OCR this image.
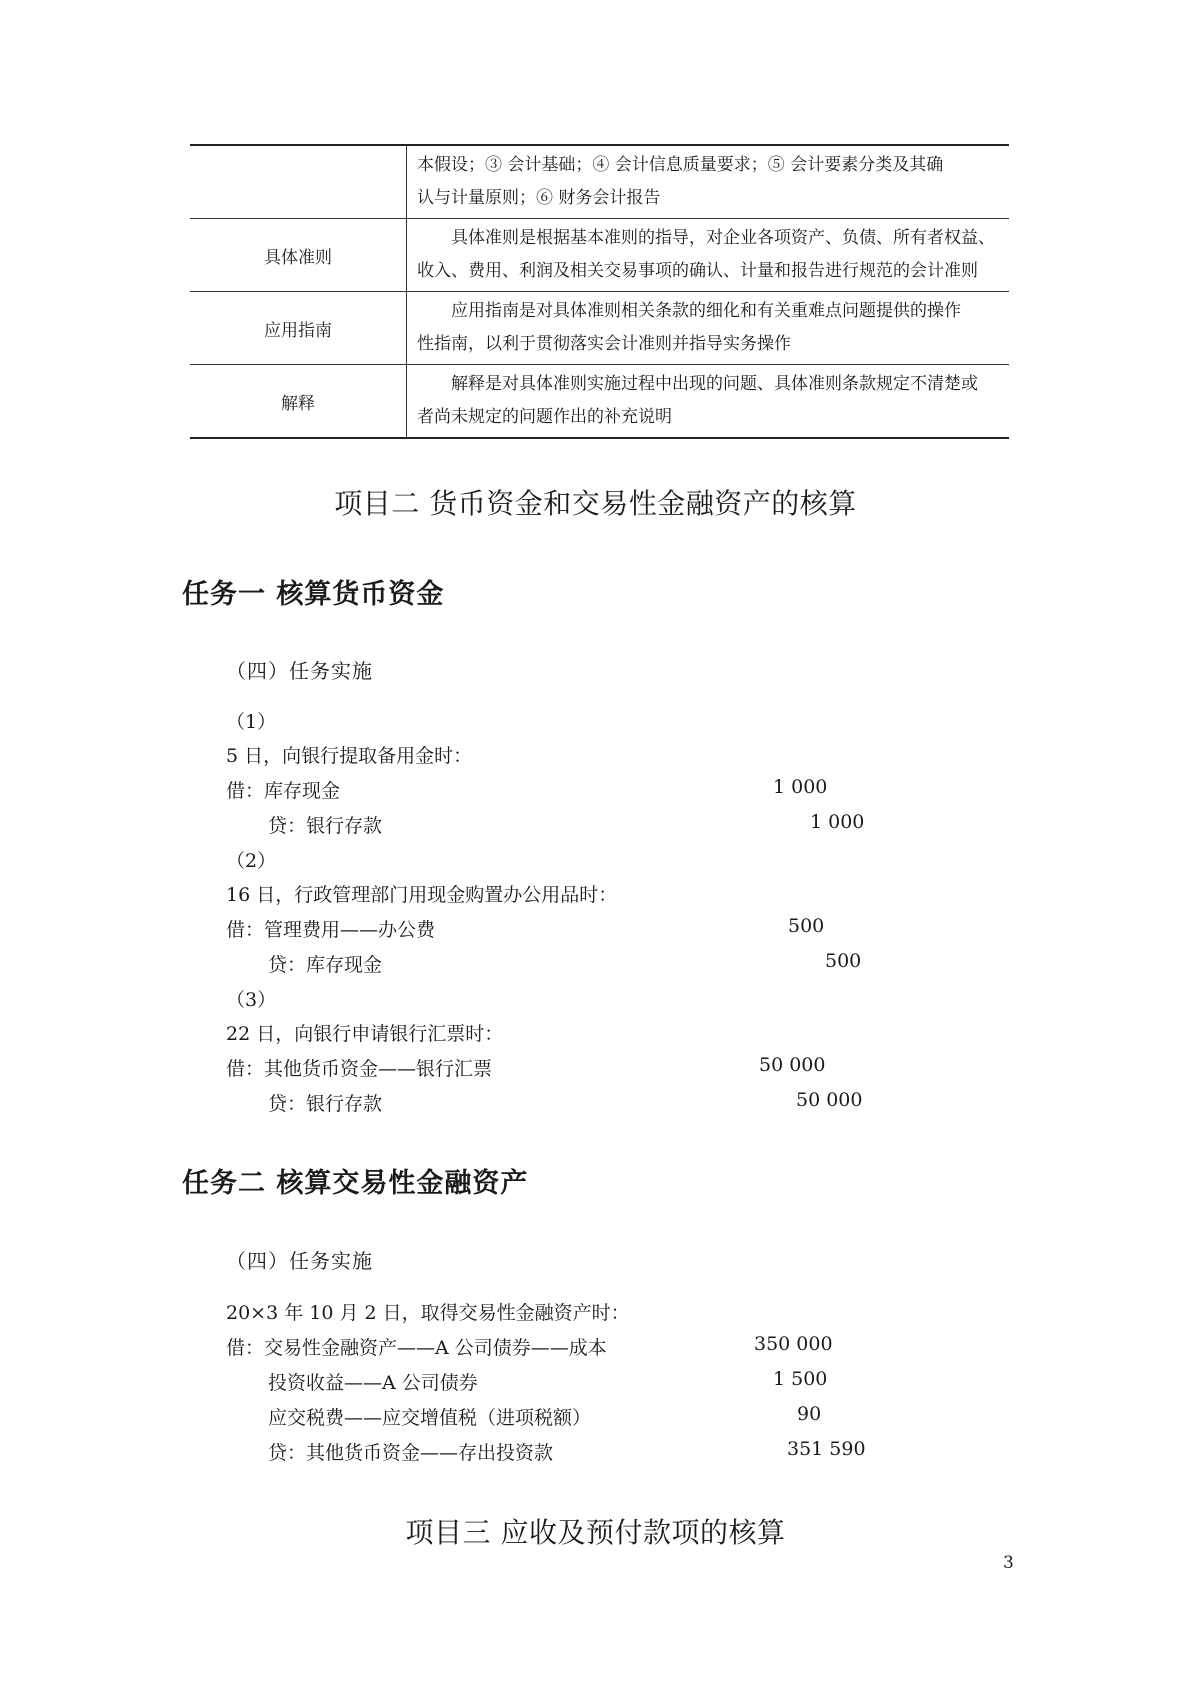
	本假设；③ 会计基础；④ 会计信息质量要求；⑤ 会计要素分类及其确
认与计量原则；⑥ 财务会计报告

具体准则	具体准则是根据基本准则的指导，对企业各项资产、负债、所有者权益、
收入、费用、利润及相关交易事项的确认、计量和报告进行规范的会计准则

应用指南	应用指南是对具体准则相关条款的细化和有关重难点问题提供的操作
性指南，以利于贯彻落实会计准则并指导实务操作

解释	解释是对具体准则实施过程中出现的问题、具体准则条款规定不清楚或
者尚未规定的问题作出的补充说明
项目二 货币资金和交易性金融资产的核算
任务一 核算货币资金
（四）任务实施
（1）
5 日，向银行提取备用金时：
借：库存现金	1 000
贷：银行存款	1 000
（2）
16 日，行政管理部门用现金购置办公用品时：
借：管理费用——办公费	500
贷：库存现金	500
（3）
22 日，向银行申请银行汇票时：
借：其他货币资金——银行汇票	50 000
贷：银行存款	50 000
任务二 核算交易性金融资产
（四）任务实施
20×3 年 10 月 2 日，取得交易性金融资产时：
借：交易性金融资产——A 公司债券——成本	350 000
投资收益——A 公司债券	1 500
应交税费——应交增值税（进项税额）	90
贷：其他货币资金——存出投资款	351 590
项目三 应收及预付款项的核算
3
